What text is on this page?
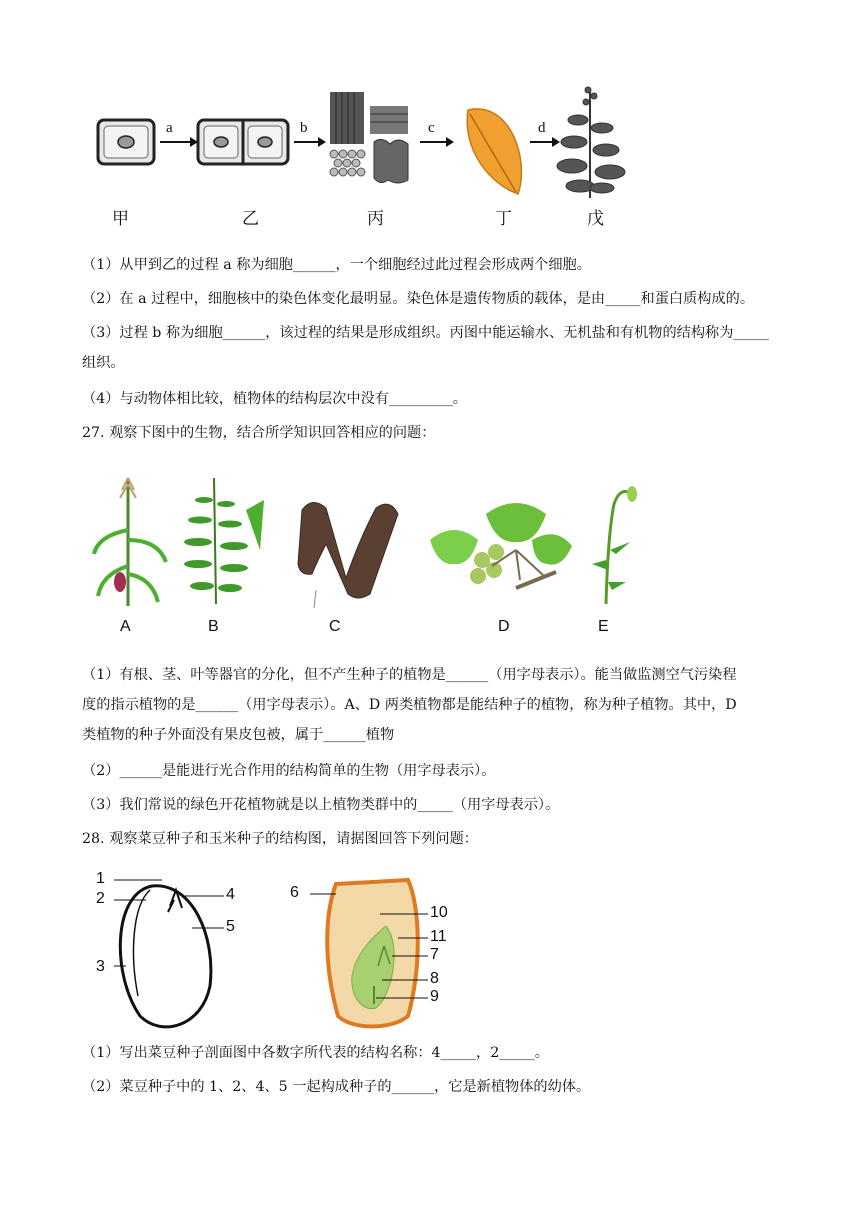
a	b	c	d
甲	乙	丙	丁	戊
（1）从甲到乙的过程 a 称为细胞______，一个细胞经过此过程会形成两个细胞。
（2）在 a 过程中，细胞核中的染色体变化最明显。染色体是遗传物质的载体，是由_____和蛋白质构成的。
（3）过程 b 称为细胞______，该过程的结果是形成组织。丙图中能运输水、无机盐和有机物的结构称为_____
组织。
（4）与动物体相比较，植物体的结构层次中没有_________。
27. 观察下图中的生物，结合所学知识回答相应的问题：
A	B	C	D	E
（1）有根、茎、叶等器官的分化，但不产生种子的植物是______（用字母表示）。能当做监测空气污染程
度的指示植物的是______（用字母表示）。A、D 两类植物都是能结种子的植物，称为种子植物。其中，D
类植物的种子外面没有果皮包被，属于______植物
（2）______是能进行光合作用的结构简单的生物（用字母表示）。
（3）我们常说的绿色开花植物就是以上植物类群中的_____（用字母表示）。
28. 观察菜豆种子和玉米种子的结构图，请据图回答下列问题：
1
2
3
4
5
6
10
11
7
8
9
（1）写出菜豆种子剖面图中各数字所代表的结构名称：4_____，2_____。
（2）菜豆种子中的 1、2、4、5 一起构成种子的______，它是新植物体的幼体。
